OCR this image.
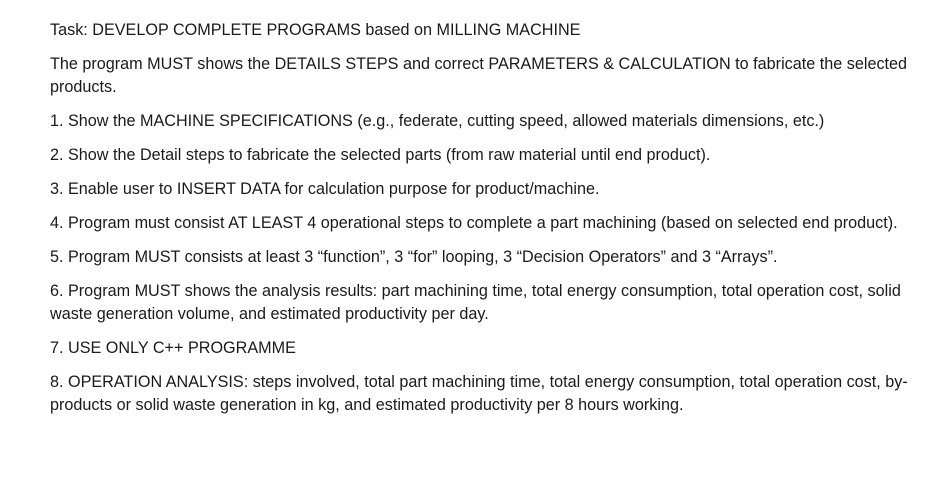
Task: DEVELOP COMPLETE PROGRAMS based on MILLING MACHINE

The program MUST shows the DETAILS STEPS and correct PARAMETERS & CALCULATION to fabricate the selected products.

1. Show the MACHINE SPECIFICATIONS (e.g., federate, cutting speed, allowed materials dimensions, etc.)

2. Show the Detail steps to fabricate the selected parts (from raw material until end product).

3. Enable user to INSERT DATA for calculation purpose for product/machine.

4. Program must consist AT LEAST 4 operational steps to complete a part machining (based on selected end product).

5. Program MUST consists at least 3 “function”, 3 “for” looping, 3 “Decision Operators” and 3 “Arrays”.

6. Program MUST shows the analysis results: part machining time, total energy consumption, total operation cost, solid waste generation volume, and estimated productivity per day.

7. USE ONLY C++ PROGRAMME

8. OPERATION ANALYSIS: steps involved, total part machining time, total energy consumption, total operation cost, by-products or solid waste generation in kg, and estimated productivity per 8 hours working.
